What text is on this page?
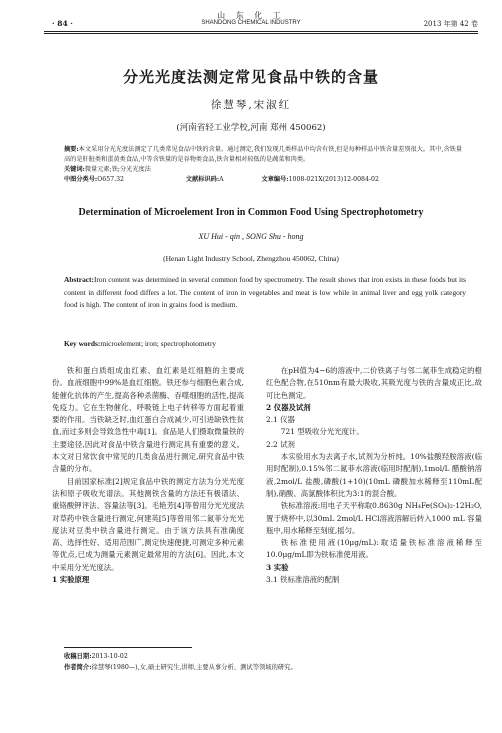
山 东 化 工
SHANDONG CHEMICAL INDUSTRY
· 84 ·	2013 年第 42 卷
分光光度法测定常见食品中铁的含量
徐慧琴,宋淑红
(河南省轻工业学校,河南 郑州 450062)
摘要:本文采用分光光度法测定了几类常见食品中铁的含量。通过测定,我们发现几类样品中均含有铁,但是每种样品中铁含量差别很大。其中,含铁量高的是肝脏类和蛋黄类食品,中等含铁量的是谷物类食品,铁含量相对较低的是蔬菜和肉类。
关键词:微量元素;铁;分光光度法
中图分类号:O657.32	文献标识码:A	文章编号:1008-021X(2013)12-0084-02
Determination of Microelement Iron in Common Food Using Spectrophotometry
XU Hui - qin , SONG Shu - hong
(Henan Light Industry School, Zhengzhou 450062, China)
Abstract:Iron content was determined in several common food by spectrometry. The result shows that iron exists in these foods but its content in different food differs a lot. The content of iron in vegetables and meat is low while in animal liver and egg yolk category food is high. The content of iron in grains food is medium.
Key words:microelement; iron; spectrophotometry

铁和蛋白质组成血红素、血红素是红细胞的主要成份。血液细胞中99%是血红细胞。铁还参与细胞色素合成,能催化抗体的产生,提高各种杀菌酶、吞噬细胞的活性,提高免疫力。它在生物催化、呼吸链上电子转移等方面起着重要的作用。当铁缺乏时,血红蛋白合成减少,可引进缺铁性贫血,而过多则会导致急性中毒[1]。食品是人们摄取微量铁的主要途径,因此对食品中铁含量进行测定具有重要的意义。本文对日常饮食中常见的几类食品进行测定,研究食品中铁含量的分布。

目前国家标准[2]规定食品中铁的测定方法为分光光度法和原子吸收光谱法。其他测铁含量的方法还有极谱法、重铬酸钾评法、容量法等[3]。毛艳芳[4]等曾用分光光度法对草药中铁含量进行测定,何建英[5]等曾用邻二氮菲分光光度法对豆类中铁含量进行测定。由于该方法具有准确度高、选择性好、适用范围广,测定快速便捷,可测定多种元素等优点,已成为测量元素测定最常用的方法[6]。因此,本文中采用分光光度法。

1 实验原理

在pH值为4~6的溶液中,二价铁离子与邻二氮菲生成稳定的橙红色配合物,在510nm有最大吸收,其吸光度与铁的含量成正比,故可比色测定。

2 仪器及试剂

2.1 仪器

721 型吸收分光光度计。

2.2 试剂

本实验用水为去离子水,试剂为分析纯。10%盐酸羟胺溶液(临用时配制),0.15%邻二氮菲水溶液(临用时配制),1mol/L 醋酸钠溶液,2mol/L 盐酸,磷酸(1+10)(10mL 磷酸加水稀释至110mL配制),硝酸、高氯酸体积比为3:1的混合酸。

铁标准溶液:用电子天平称取0.8630g NH₄Fe(SO₄)₂·12H₂O,置于烧杯中,以30mL 2mol/L HCl溶液溶解后转入1000 mL 容量瓶中,用水稀释至刻度,摇匀。

铁标准使用液(10μg/mL):取适量铁标准溶液稀释至10.0μg/mL即为铁标准使用液。

3 实验

3.1 铁标准溶液的配制

收稿日期:2013-10-02
作者简介:徐慧琴(1980—),女,硕士研究生,讲师,主要从事分析、测试等领域的研究。
